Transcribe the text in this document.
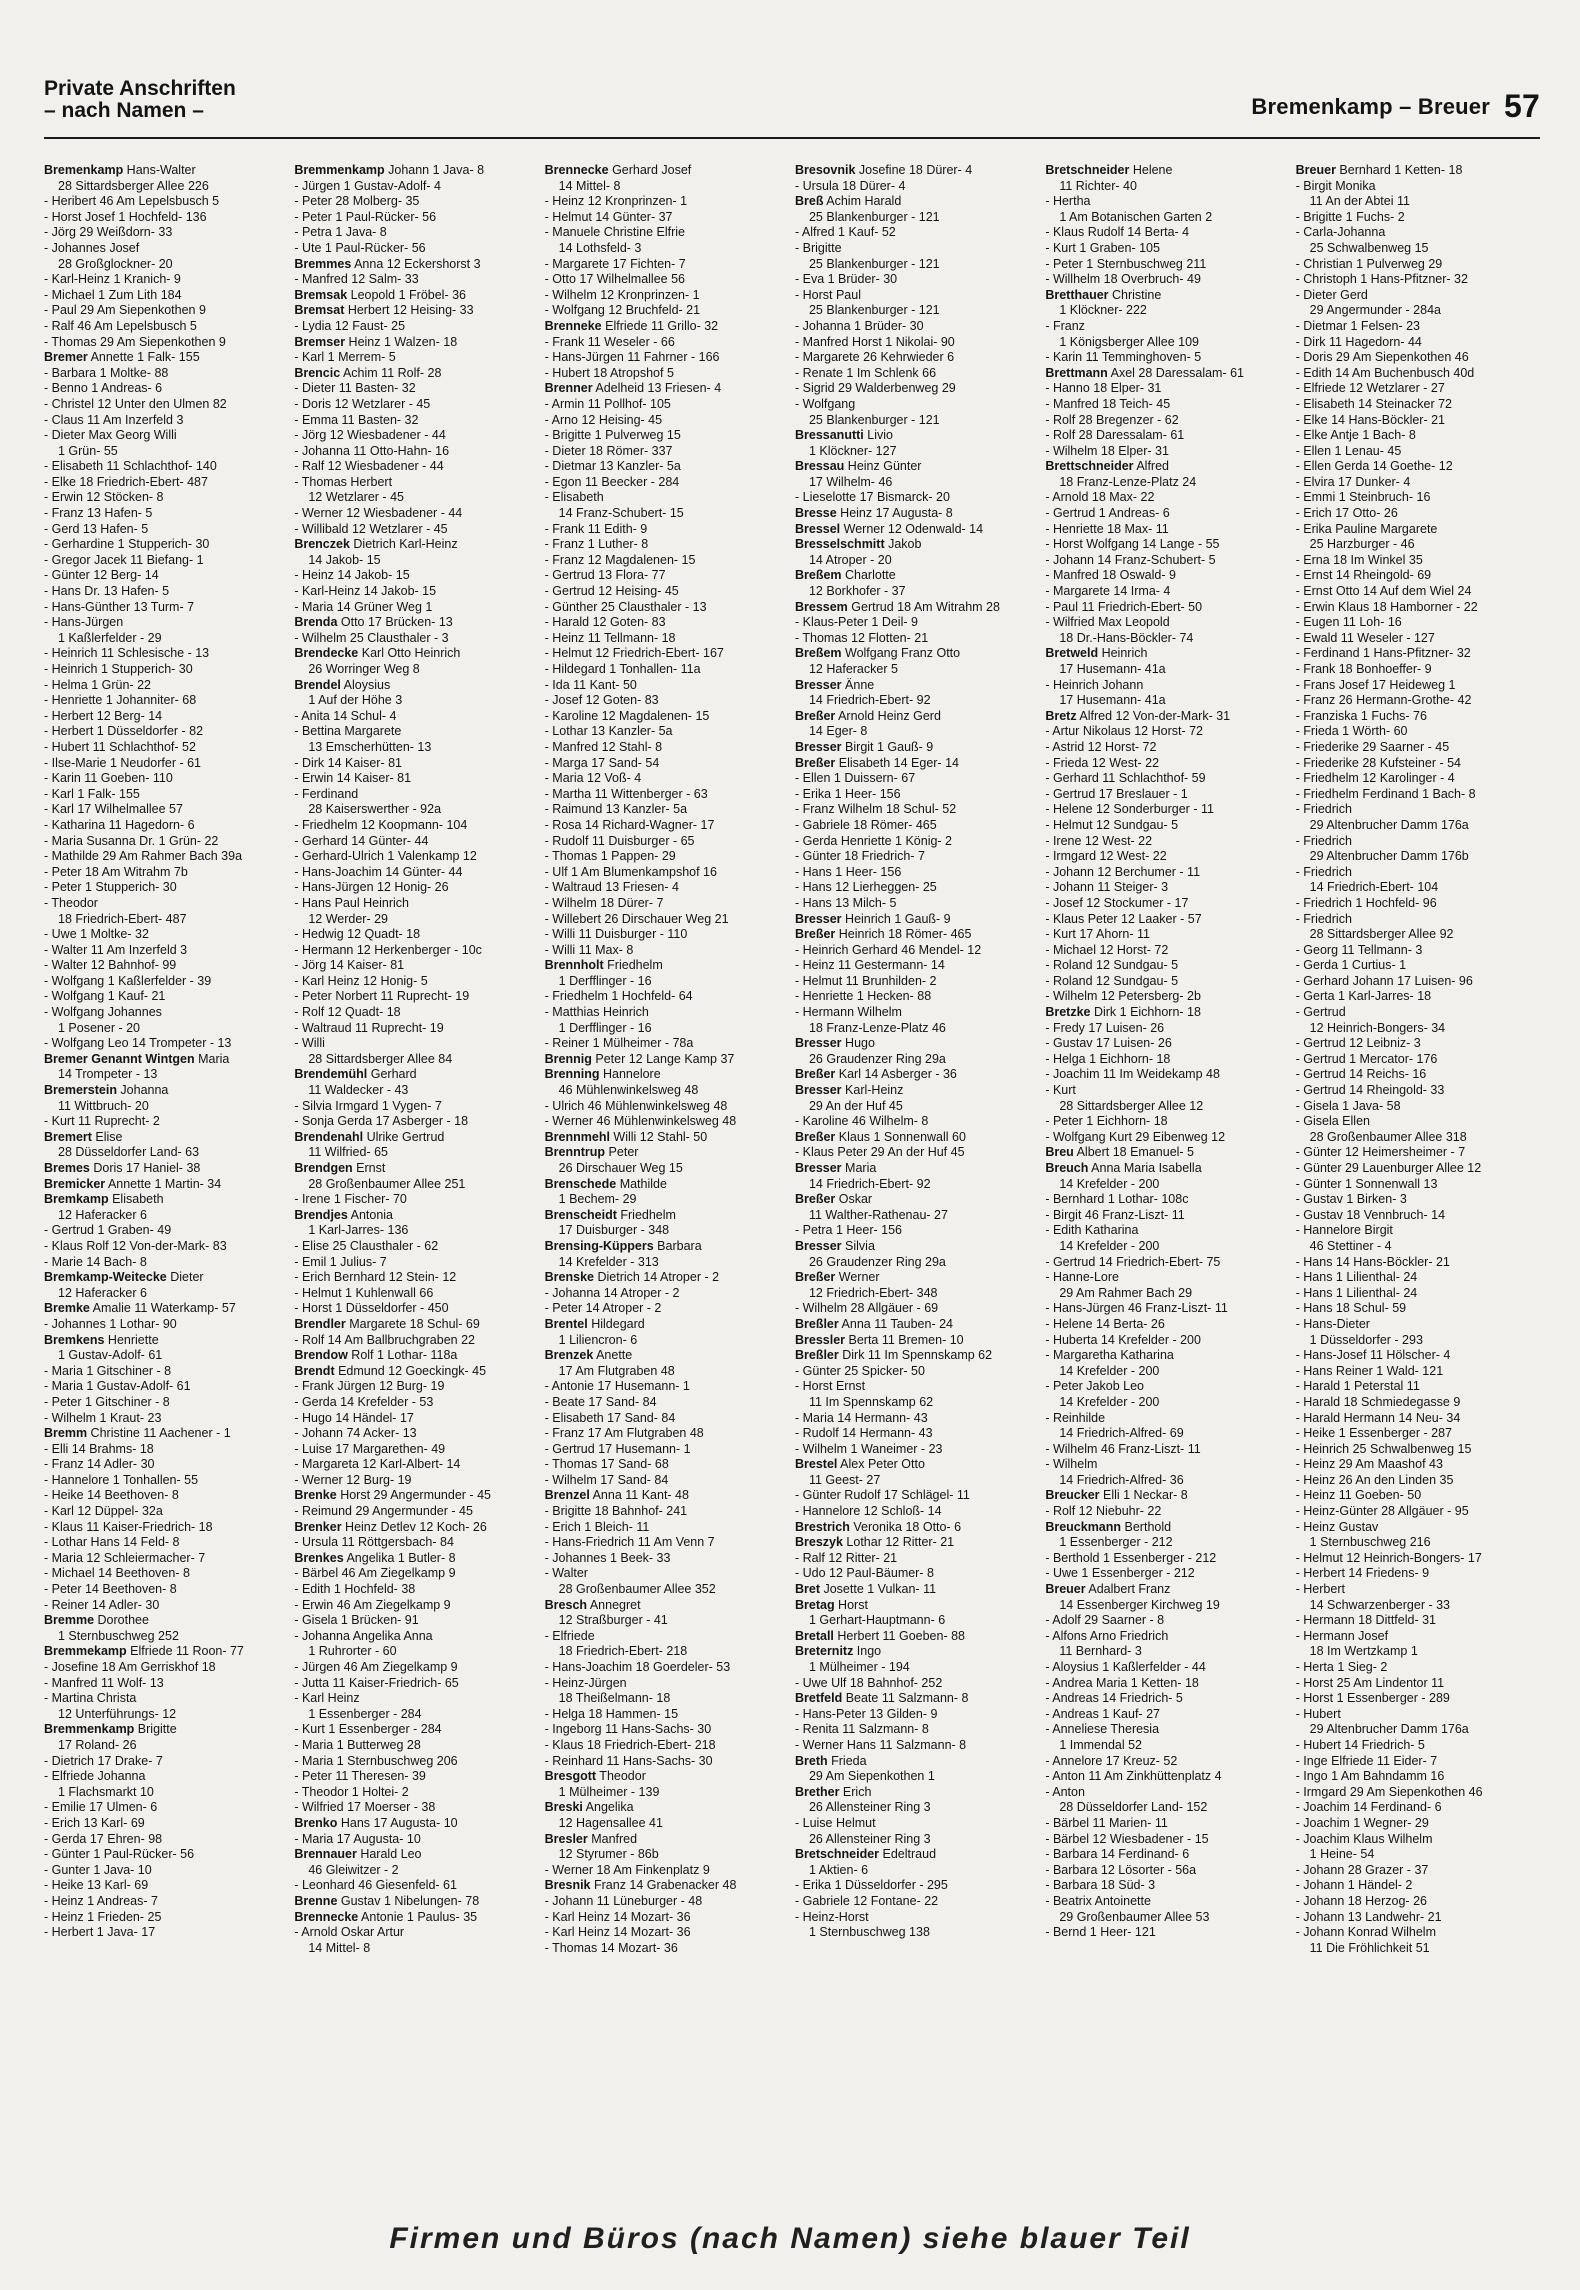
Private Anschriften
– nach Namen –	Bremenkamp – Breuer 57
Bremenkamp Hans-Walter
28 Sittardsberger Allee 226
- Heribert 46 Am Lepelsbusch 5
- Horst Josef 1 Hochfeld- 136
- Jörg 29 Weißdorn- 33
- Johannes Josef
28 Großglockner- 20
- Karl-Heinz 1 Kranich- 9
- Michael 1 Zum Lith 184
- Paul 29 Am Siepenkothen 9
- Ralf 46 Am Lepelsbusch 5
- Thomas 29 Am Siepenkothen 9
Bremer Annette 1 Falk- 155
- Barbara 1 Moltke- 88
- Benno 1 Andreas- 6
- Christel 12 Unter den Ulmen 82
- Claus 11 Am Inzerfeld 3
- Dieter Max Georg Willi
1 Grün- 55
- Elisabeth 11 Schlachthof- 140
- Elke 18 Friedrich-Ebert- 487
- Erwin 12 Stöcken- 8
- Franz 13 Hafen- 5
- Gerd 13 Hafen- 5
- Gerhardine 1 Stupperich- 30
- Gregor Jacek 11 Biefang- 1
- Günter 12 Berg- 14
- Hans Dr. 13 Hafen- 5
- Hans-Günther 13 Turm- 7
- Hans-Jürgen
1 Kaßlerfelder - 29
- Heinrich 11 Schlesische - 13
- Heinrich 1 Stupperich- 30
- Helma 1 Grün- 22
- Henriette 1 Johanniter- 68
- Herbert 12 Berg- 14
- Herbert 1 Düsseldorfer - 82
- Hubert 11 Schlachthof- 52
- Ilse-Marie 1 Neudorfer - 61
- Karin 11 Goeben- 110
- Karl 1 Falk- 155
- Karl 17 Wilhelmallee 57
- Katharina 11 Hagedorn- 6
- Maria Susanna Dr. 1 Grün- 22
- Mathilde 29 Am Rahmer Bach 39a
- Peter 18 Am Witrahm 7b
- Peter 1 Stupperich- 30
- Theodor
18 Friedrich-Ebert- 487
- Uwe 1 Moltke- 32
- Walter 11 Am Inzerfeld 3
- Walter 12 Bahnhof- 99
- Wolfgang 1 Kaßlerfelder - 39
- Wolfgang 1 Kauf- 21
- Wolfgang Johannes
1 Posener - 20
- Wolfgang Leo 14 Trompeter - 13
Bremer Genannt Wintgen Maria
14 Trompeter - 13
Bremerstein Johanna
11 Wittbruch- 20
- Kurt 11 Ruprecht- 2
Bremert Elise
28 Düsseldorfer Land- 63
Bremes Doris 17 Haniel- 38
Bremicker Annette 1 Martin- 34
Bremkamp Elisabeth
12 Haferacker 6
- Gertrud 1 Graben- 49
- Klaus Rolf 12 Von-der-Mark- 83
- Marie 14 Bach- 8
Bremkamp-Weitecke Dieter
12 Haferacker 6
Bremke Amalie 11 Waterkamp- 57
- Johannes 1 Lothar- 90
Bremkens Henriette
1 Gustav-Adolf- 61
- Maria 1 Gitschiner - 8
- Maria 1 Gustav-Adolf- 61
- Peter 1 Gitschiner - 8
- Wilhelm 1 Kraut- 23
Bremm Christine 11 Aachener - 1
- Elli 14 Brahms- 18
- Franz 14 Adler- 30
- Hannelore 1 Tonhallen- 55
- Heike 14 Beethoven- 8
- Karl 12 Düppel- 32a
- Klaus 11 Kaiser-Friedrich- 18
- Lothar Hans 14 Feld- 8
- Maria 12 Schleiermacher- 7
- Michael 14 Beethoven- 8
- Peter 14 Beethoven- 8
- Reiner 14 Adler- 30
Bremme Dorothee
1 Sternbuschweg 252
Bremmekamp Elfriede 11 Roon- 77
- Josefine 18 Am Gerriskhof 18
- Manfred 11 Wolf- 13
- Martina Christa
12 Unterführungs- 12
Bremmenkamp Brigitte
17 Roland- 26
- Dietrich 17 Drake- 7
- Elfriede Johanna
1 Flachsmarkt 10
- Emilie 17 Ulmen- 6
- Erich 13 Karl- 69
- Gerda 17 Ehren- 98
- Günter 1 Paul-Rücker- 56
- Gunter 1 Java- 10
- Heike 13 Karl- 69
- Heinz 1 Andreas- 7
- Heinz 1 Frieden- 25
- Herbert 1 Java- 17
Bremmenkamp Johann 1 Java- 8
- Jürgen 1 Gustav-Adolf- 4
- Peter 28 Molberg- 35
- Peter 1 Paul-Rücker- 56
- Petra 1 Java- 8
- Ute 1 Paul-Rücker- 56
Bremmes Anna 12 Eckershorst 3
- Manfred 12 Salm- 33
Bremsak Leopold 1 Fröbel- 36
Bremsat Herbert 12 Heising- 33
- Lydia 12 Faust- 25
Bremser Heinz 1 Walzen- 18
- Karl 1 Merrem- 5
Brencic Achim 11 Rolf- 28
- Dieter 11 Basten- 32
- Doris 12 Wetzlarer - 45
- Emma 11 Basten- 32
- Jörg 12 Wiesbadener - 44
- Johanna 11 Otto-Hahn- 16
- Ralf 12 Wiesbadener - 44
- Thomas Herbert
12 Wetzlarer - 45
- Werner 12 Wiesbadener - 44
- Willibald 12 Wetzlarer - 45
Brenczek Dietrich Karl-Heinz
14 Jakob- 15
- Heinz 14 Jakob- 15
- Karl-Heinz 14 Jakob- 15
- Maria 14 Grüner Weg 1
Brenda Otto 17 Brücken- 13
- Wilhelm 25 Clausthaler - 3
Brendecke Karl Otto Heinrich
26 Worringer Weg 8
Brendel Aloysius
1 Auf der Höhe 3
- Anita 14 Schul- 4
- Bettina Margarete
13 Emscherhütten- 13
- Dirk 14 Kaiser- 81
- Erwin 14 Kaiser- 81
- Ferdinand
28 Kaiserswerther - 92a
- Friedhelm 12 Koopmann- 104
- Gerhard 14 Günter- 44
- Gerhard-Ulrich 1 Valenkamp 12
- Hans-Joachim 14 Günter- 44
- Hans-Jürgen 12 Honig- 26
- Hans Paul Heinrich
12 Werder- 29
- Hedwig 12 Quadt- 18
- Hermann 12 Herkenberger - 10c
- Jörg 14 Kaiser- 81
- Karl Heinz 12 Honig- 5
- Peter Norbert 11 Ruprecht- 19
- Rolf 12 Quadt- 18
- Waltraud 11 Ruprecht- 19
- Willi
28 Sittardsberger Allee 84
Brendemühl Gerhard
11 Waldecker - 43
- Silvia Irmgard 1 Vygen- 7
- Sonja Gerda 17 Asberger - 18
Brendenahl Ulrike Gertrud
11 Wilfried- 65
Brendgen Ernst
28 Großenbaumer Allee 251
- Irene 1 Fischer- 70
Brendjes Antonia
1 Karl-Jarres- 136
- Elise 25 Clausthaler - 62
- Emil 1 Julius- 7
- Erich Bernhard 12 Stein- 12
- Helmut 1 Kuhlenwall 66
- Horst 1 Düsseldorfer - 450
Brendler Margarete 18 Schul- 69
- Rolf 14 Am Ballbruchgraben 22
Brendow Rolf 1 Lothar- 118a
Brendt Edmund 12 Goeckingk- 45
- Frank Jürgen 12 Burg- 19
- Gerda 14 Krefelder - 53
- Hugo 14 Händel- 17
- Johann 74 Acker- 13
- Luise 17 Margarethen- 49
- Margareta 12 Karl-Albert- 14
- Werner 12 Burg- 19
Brenke Horst 29 Angermunder - 45
- Reimund 29 Angermunder - 45
Brenker Heinz Detlev 12 Koch- 26
- Ursula 11 Röttgersbach- 84
Brenkes Angelika 1 Butler- 8
- Bärbel 46 Am Ziegelkamp 9
- Edith 1 Hochfeld- 38
- Erwin 46 Am Ziegelkamp 9
- Gisela 1 Brücken- 91
- Johanna Angelika Anna
1 Ruhrorter - 60
- Jürgen 46 Am Ziegelkamp 9
- Jutta 11 Kaiser-Friedrich- 65
- Karl Heinz
1 Essenberger - 284
- Kurt 1 Essenberger - 284
- Maria 1 Butterweg 28
- Maria 1 Sternbuschweg 206
- Peter 11 Theresen- 39
- Theodor 1 Holtei- 2
- Wilfried 17 Moerser - 38
Brenko Hans 17 Augusta- 10
- Maria 17 Augusta- 10
Brennauer Harald Leo
46 Gleiwitzer - 2
- Leonhard 46 Giesenfeld- 61
Brenne Gustav 1 Nibelungen- 78
Brennecke Antonie 1 Paulus- 35
- Arnold Oskar Artur
14 Mittel- 8
Brennecke Gerhard Josef
14 Mittel- 8
- Heinz 12 Kronprinzen- 1
- Helmut 14 Günter- 37
- Manuele Christine Elfrie
14 Lothsfeld- 3
- Margarete 17 Fichten- 7
- Otto 17 Wilhelmallee 56
- Wilhelm 12 Kronprinzen- 1
- Wolfgang 12 Bruchfeld- 21
Brenneke Elfriede 11 Grillo- 32
- Frank 11 Weseler - 66
- Hans-Jürgen 11 Fahrner - 166
- Hubert 18 Atropshof 5
Brenner Adelheid 13 Friesen- 4
- Armin 11 Pollhof- 105
- Arno 12 Heising- 45
- Brigitte 1 Pulverweg 15
- Dieter 18 Römer- 337
- Dietmar 13 Kanzler- 5a
- Egon 11 Beecker - 284
- Elisabeth
14 Franz-Schubert- 15
- Frank 11 Edith- 9
- Franz 1 Luther- 8
- Franz 12 Magdalenen- 15
- Gertrud 13 Flora- 77
- Gertrud 12 Heising- 45
- Günther 25 Clausthaler - 13
- Harald 12 Goten- 83
- Heinz 11 Tellmann- 18
- Helmut 12 Friedrich-Ebert- 167
- Hildegard 1 Tonhallen- 11a
- Ida 11 Kant- 50
- Josef 12 Goten- 83
- Karoline 12 Magdalenen- 15
- Lothar 13 Kanzler- 5a
- Manfred 12 Stahl- 8
- Marga 17 Sand- 54
- Maria 12 Voß- 4
- Martha 11 Wittenberger - 63
- Raimund 13 Kanzler- 5a
- Rosa 14 Richard-Wagner- 17
- Rudolf 11 Duisburger - 65
- Thomas 1 Pappen- 29
- Ulf 1 Am Blumenkampshof 16
- Waltraud 13 Friesen- 4
- Wilhelm 18 Dürer- 7
- Willebert 26 Dirschauer Weg 21
- Willi 11 Duisburger - 110
- Willi 11 Max- 8
Brennholt Friedhelm
1 Derfflinger - 16
- Friedhelm 1 Hochfeld- 64
- Matthias Heinrich
1 Derfflinger - 16
- Reiner 1 Mülheimer - 78a
Brennig Peter 12 Lange Kamp 37
Brenning Hannelore
46 Mühlenwinkelsweg 48
- Ulrich 46 Mühlenwinkelsweg 48
- Werner 46 Mühlenwinkelsweg 48
Brennmehl Willi 12 Stahl- 50
Brenntrup Peter
26 Dirschauer Weg 15
Brenschede Mathilde
1 Bechem- 29
Brenscheidt Friedhelm
17 Duisburger - 348
Brensing-Küppers Barbara
14 Krefelder - 313
Brenske Dietrich 14 Atroper - 2
- Johanna 14 Atroper - 2
- Peter 14 Atroper - 2
Brentel Hildegard
1 Liliencron- 6
Brenzek Anette
17 Am Flutgraben 48
- Antonie 17 Husemann- 1
- Beate 17 Sand- 84
- Elisabeth 17 Sand- 84
- Franz 17 Am Flutgraben 48
- Gertrud 17 Husemann- 1
- Thomas 17 Sand- 68
- Wilhelm 17 Sand- 84
Brenzel Anna 11 Kant- 48
- Brigitte 18 Bahnhof- 241
- Erich 1 Bleich- 11
- Hans-Friedrich 11 Am Venn 7
- Johannes 1 Beek- 33
- Walter
28 Großenbaumer Allee 352
Bresch Annegret
12 Straßburger - 41
- Elfriede
18 Friedrich-Ebert- 218
- Hans-Joachim 18 Goerdeler- 53
- Heinz-Jürgen
18 Theißelmann- 18
- Helga 18 Hammen- 15
- Ingeborg 11 Hans-Sachs- 30
- Klaus 18 Friedrich-Ebert- 218
- Reinhard 11 Hans-Sachs- 30
Bresgott Theodor
1 Mülheimer - 139
Breski Angelika
12 Hagensallee 41
Bresler Manfred
12 Styrumer - 86b
- Werner 18 Am Finkenplatz 9
Bresnik Franz 14 Grabenacker 48
- Johann 11 Lüneburger - 48
- Karl Heinz 14 Mozart- 36
- Karl Heinz 14 Mozart- 36
- Thomas 14 Mozart- 36
Bresovnik Josefine 18 Dürer- 4
- Ursula 18 Dürer- 4
Breß Achim Harald
25 Blankenburger - 121
- Alfred 1 Kauf- 52
- Brigitte
25 Blankenburger - 121
- Eva 1 Brüder- 30
- Horst Paul
25 Blankenburger - 121
- Johanna 1 Brüder- 30
- Manfred Horst 1 Nikolai- 90
- Margarete 26 Kehrwieder 6
- Renate 1 Im Schlenk 66
- Sigrid 29 Walderbenweg 29
- Wolfgang
25 Blankenburger - 121
Bressanutti Livio
1 Klöckner- 127
Bressau Heinz Günter
17 Wilhelm- 46
- Lieselotte 17 Bismarck- 20
Bresse Heinz 17 Augusta- 8
Bressel Werner 12 Odenwald- 14
Bresselschmitt Jakob
14 Atroper - 20
Breßem Charlotte
12 Borkhofer - 37
Bressem Gertrud 18 Am Witrahm 28
- Klaus-Peter 1 Deil- 9
- Thomas 12 Flotten- 21
Breßem Wolfgang Franz Otto
12 Haferacker 5
Bresser Änne
14 Friedrich-Ebert- 92
Breßer Arnold Heinz Gerd
14 Eger- 8
Bresser Birgit 1 Gauß- 9
Breßer Elisabeth 14 Eger- 14
- Ellen 1 Duissern- 67
- Erika 1 Heer- 156
- Franz Wilhelm 18 Schul- 52
- Gabriele 18 Römer- 465
- Gerda Henriette 1 König- 2
- Günter 18 Friedrich- 7
- Hans 1 Heer- 156
- Hans 12 Lierheggen- 25
- Hans 13 Milch- 5
Bresser Heinrich 1 Gauß- 9
Breßer Heinrich 18 Römer- 465
- Heinrich Gerhard 46 Mendel- 12
- Heinz 11 Gestermann- 14
- Helmut 11 Brunhilden- 2
- Henriette 1 Hecken- 88
- Hermann Wilhelm
18 Franz-Lenze-Platz 46
Bresser Hugo
26 Graudenzer Ring 29a
Breßer Karl 14 Asberger - 36
Bresser Karl-Heinz
29 An der Huf 45
- Karoline 46 Wilhelm- 8
Breßer Klaus 1 Sonnenwall 60
- Klaus Peter 29 An der Huf 45
Bresser Maria
14 Friedrich-Ebert- 92
Breßer Oskar
11 Walther-Rathenau- 27
- Petra 1 Heer- 156
Bresser Silvia
26 Graudenzer Ring 29a
Breßer Werner
12 Friedrich-Ebert- 348
- Wilhelm 28 Allgäuer - 69
Breßler Anna 11 Tauben- 24
Bressler Berta 11 Bremen- 10
Breßler Dirk 11 Im Spennskamp 62
- Günter 25 Spicker- 50
- Horst Ernst
11 Im Spennskamp 62
- Maria 14 Hermann- 43
- Rudolf 14 Hermann- 43
- Wilhelm 1 Waneimer - 23
Brestel Alex Peter Otto
11 Geest- 27
- Günter Rudolf 17 Schlägel- 11
- Hannelore 12 Schloß- 14
Brestrich Veronika 18 Otto- 6
Breszyk Lothar 12 Ritter- 21
- Ralf 12 Ritter- 21
- Udo 12 Paul-Bäumer- 8
Bret Josette 1 Vulkan- 11
Bretag Horst
1 Gerhart-Hauptmann- 6
Bretall Herbert 11 Goeben- 88
Breternitz Ingo
1 Mülheimer - 194
- Uwe Ulf 18 Bahnhof- 252
Bretfeld Beate 11 Salzmann- 8
- Hans-Peter 13 Gilden- 9
- Renita 11 Salzmann- 8
- Werner Hans 11 Salzmann- 8
Breth Frieda
29 Am Siepenkothen 1
Brether Erich
26 Allensteiner Ring 3
- Luise Helmut
26 Allensteiner Ring 3
Bretschneider Edeltraud
1 Aktien- 6
- Erika 1 Düsseldorfer - 295
- Gabriele 12 Fontane- 22
- Heinz-Horst
1 Sternbuschweg 138
Bretschneider Helene
11 Richter- 40
- Hertha
1 Am Botanischen Garten 2
- Klaus Rudolf 14 Berta- 4
- Kurt 1 Graben- 105
- Peter 1 Sternbuschweg 211
- Willhelm 18 Overbruch- 49
Bretthauer Christine
1 Klöckner- 222
- Franz
1 Königsberger Allee 109
- Karin 11 Temminghoven- 5
Brettmann Axel 28 Daressalam- 61
- Hanno 18 Elper- 31
- Manfred 18 Teich- 45
- Rolf 28 Bregenzer - 62
- Rolf 28 Daressalam- 61
- Wilhelm 18 Elper- 31
Brettschneider Alfred
18 Franz-Lenze-Platz 24
- Arnold 18 Max- 22
- Gertrud 1 Andreas- 6
- Henriette 18 Max- 11
- Horst Wolfgang 14 Lange - 55
- Johann 14 Franz-Schubert- 5
- Manfred 18 Oswald- 9
- Margarete 14 Irma- 4
- Paul 11 Friedrich-Ebert- 50
- Wilfried Max Leopold
18 Dr.-Hans-Böckler- 74
Bretweld Heinrich
17 Husemann- 41a
- Heinrich Johann
17 Husemann- 41a
Bretz Alfred 12 Von-der-Mark- 31
- Artur Nikolaus 12 Horst- 72
- Astrid 12 Horst- 72
- Frieda 12 West- 22
- Gerhard 11 Schlachthof- 59
- Gertrud 17 Breslauer - 1
- Helene 12 Sonderburger - 11
- Helmut 12 Sundgau- 5
- Irene 12 West- 22
- Irmgard 12 West- 22
- Johann 12 Berchumer - 11
- Johann 11 Steiger- 3
- Josef 12 Stockumer - 17
- Klaus Peter 12 Laaker - 57
- Kurt 17 Ahorn- 11
- Michael 12 Horst- 72
- Roland 12 Sundgau- 5
- Roland 12 Sundgau- 5
- Wilhelm 12 Petersberg- 2b
Bretzke Dirk 1 Eichhorn- 18
- Fredy 17 Luisen- 26
- Gustav 17 Luisen- 26
- Helga 1 Eichhorn- 18
- Joachim 11 Im Weidekamp 48
- Kurt
28 Sittardsberger Allee 12
- Peter 1 Eichhorn- 18
- Wolfgang Kurt 29 Eibenweg 12
Breu Albert 18 Emanuel- 5
Breuch Anna Maria Isabella
14 Krefelder - 200
- Bernhard 1 Lothar- 108c
- Birgit 46 Franz-Liszt- 11
- Edith Katharina
14 Krefelder - 200
- Gertrud 14 Friedrich-Ebert- 75
- Hanne-Lore
29 Am Rahmer Bach 29
- Hans-Jürgen 46 Franz-Liszt- 11
- Helene 14 Berta- 26
- Huberta 14 Krefelder - 200
- Margaretha Katharina
14 Krefelder - 200
- Peter Jakob Leo
14 Krefelder - 200
- Reinhilde
14 Friedrich-Alfred- 69
- Wilhelm 46 Franz-Liszt- 11
- Wilhelm
14 Friedrich-Alfred- 36
Breucker Elli 1 Neckar- 8
- Rolf 12 Niebuhr- 22
Breuckmann Berthold
1 Essenberger - 212
- Berthold 1 Essenberger - 212
- Uwe 1 Essenberger - 212
Breuer Adalbert Franz
14 Essenberger Kirchweg 19
- Adolf 29 Saarner - 8
- Alfons Arno Friedrich
11 Bernhard- 3
- Aloysius 1 Kaßlerfelder - 44
- Andrea Maria 1 Ketten- 18
- Andreas 14 Friedrich- 5
- Andreas 1 Kauf- 27
- Anneliese Theresia
1 Immendal 52
- Annelore 17 Kreuz- 52
- Anton 11 Am Zinkhüttenplatz 4
- Anton
28 Düsseldorfer Land- 152
- Bärbel 11 Marien- 11
- Bärbel 12 Wiesbadener - 15
- Barbara 14 Ferdinand- 6
- Barbara 12 Lösorter - 56a
- Barbara 18 Süd- 3
- Beatrix Antoinette
29 Großenbaumer Allee 53
- Bernd 1 Heer- 121
Breuer Bernhard 1 Ketten- 18
- Birgit Monika
11 An der Abtei 11
- Brigitte 1 Fuchs- 2
- Carla-Johanna
25 Schwalbenweg 15
- Christian 1 Pulverweg 29
- Christoph 1 Hans-Pfitzner- 32
- Dieter Gerd
29 Angermunder - 284a
- Dietmar 1 Felsen- 23
- Dirk 11 Hagedorn- 44
- Doris 29 Am Siepenkothen 46
- Edith 14 Am Buchenbusch 40d
- Elfriede 12 Wetzlarer - 27
- Elisabeth 14 Steinacker 72
- Elke 14 Hans-Böckler- 21
- Elke Antje 1 Bach- 8
- Ellen 1 Lenau- 45
- Ellen Gerda 14 Goethe- 12
- Elvira 17 Dunker- 4
- Emmi 1 Steinbruch- 16
- Erich 17 Otto- 26
- Erika Pauline Margarete
25 Harzburger - 46
- Erna 18 Im Winkel 35
- Ernst 14 Rheingold- 69
- Ernst Otto 14 Auf dem Wiel 24
- Erwin Klaus 18 Hamborner - 22
- Eugen 11 Loh- 16
- Ewald 11 Weseler - 127
- Ferdinand 1 Hans-Pfitzner- 32
- Frank 18 Bonhoeffer- 9
- Frans Josef 17 Heideweg 1
- Franz 26 Hermann-Grothe- 42
- Franziska 1 Fuchs- 76
- Frieda 1 Wörth- 60
- Friederike 29 Saarner - 45
- Friederike 28 Kufsteiner - 54
- Friedhelm 12 Karolinger - 4
- Friedhelm Ferdinand 1 Bach- 8
- Friedrich
29 Altenbrucher Damm 176a
- Friedrich
29 Altenbrucher Damm 176b
- Friedrich
14 Friedrich-Ebert- 104
- Friedrich 1 Hochfeld- 96
- Friedrich
28 Sittardsberger Allee 92
- Georg 11 Tellmann- 3
- Gerda 1 Curtius- 1
- Gerhard Johann 17 Luisen- 96
- Gerta 1 Karl-Jarres- 18
- Gertrud
12 Heinrich-Bongers- 34
- Gertrud 12 Leibniz- 3
- Gertrud 1 Mercator- 176
- Gertrud 14 Reichs- 16
- Gertrud 14 Rheingold- 33
- Gisela 1 Java- 58
- Gisela Ellen
28 Großenbaumer Allee 318
- Günter 12 Heimersheimer - 7
- Günter 29 Lauenburger Allee 12
- Günter 1 Sonnenwall 13
- Gustav 1 Birken- 3
- Gustav 18 Vennbruch- 14
- Hannelore Birgit
46 Stettiner - 4
- Hans 14 Hans-Böckler- 21
- Hans 1 Lilienthal- 24
- Hans 1 Lilienthal- 24
- Hans 18 Schul- 59
- Hans-Dieter
1 Düsseldorfer - 293
- Hans-Josef 11 Hölscher- 4
- Hans Reiner 1 Wald- 121
- Harald 1 Peterstal 11
- Harald 18 Schmiedegasse 9
- Harald Hermann 14 Neu- 34
- Heike 1 Essenberger - 287
- Heinrich 25 Schwalbenweg 15
- Heinz 29 Am Maashof 43
- Heinz 26 An den Linden 35
- Heinz 11 Goeben- 50
- Heinz-Günter 28 Allgäuer - 95
- Heinz Gustav
1 Sternbuschweg 216
- Helmut 12 Heinrich-Bongers- 17
- Herbert 14 Friedens- 9
- Herbert
14 Schwarzenberger - 33
- Hermann 18 Dittfeld- 31
- Hermann Josef
18 Im Wertzkamp 1
- Herta 1 Sieg- 2
- Horst 25 Am Lindentor 11
- Horst 1 Essenberger - 289
- Hubert
29 Altenbrucher Damm 176a
- Hubert 14 Friedrich- 5
- Inge Elfriede 11 Eider- 7
- Ingo 1 Am Bahndamm 16
- Irmgard 29 Am Siepenkothen 46
- Joachim 14 Ferdinand- 6
- Joachim 1 Wegner- 29
- Joachim Klaus Wilhelm
1 Heine- 54
- Johann 28 Grazer - 37
- Johann 1 Händel- 2
- Johann 18 Herzog- 26
- Johann 13 Landwehr- 21
- Johann Konrad Wilhelm
11 Die Fröhlichkeit 51
Firmen und Büros (nach Namen) siehe blauer Teil
